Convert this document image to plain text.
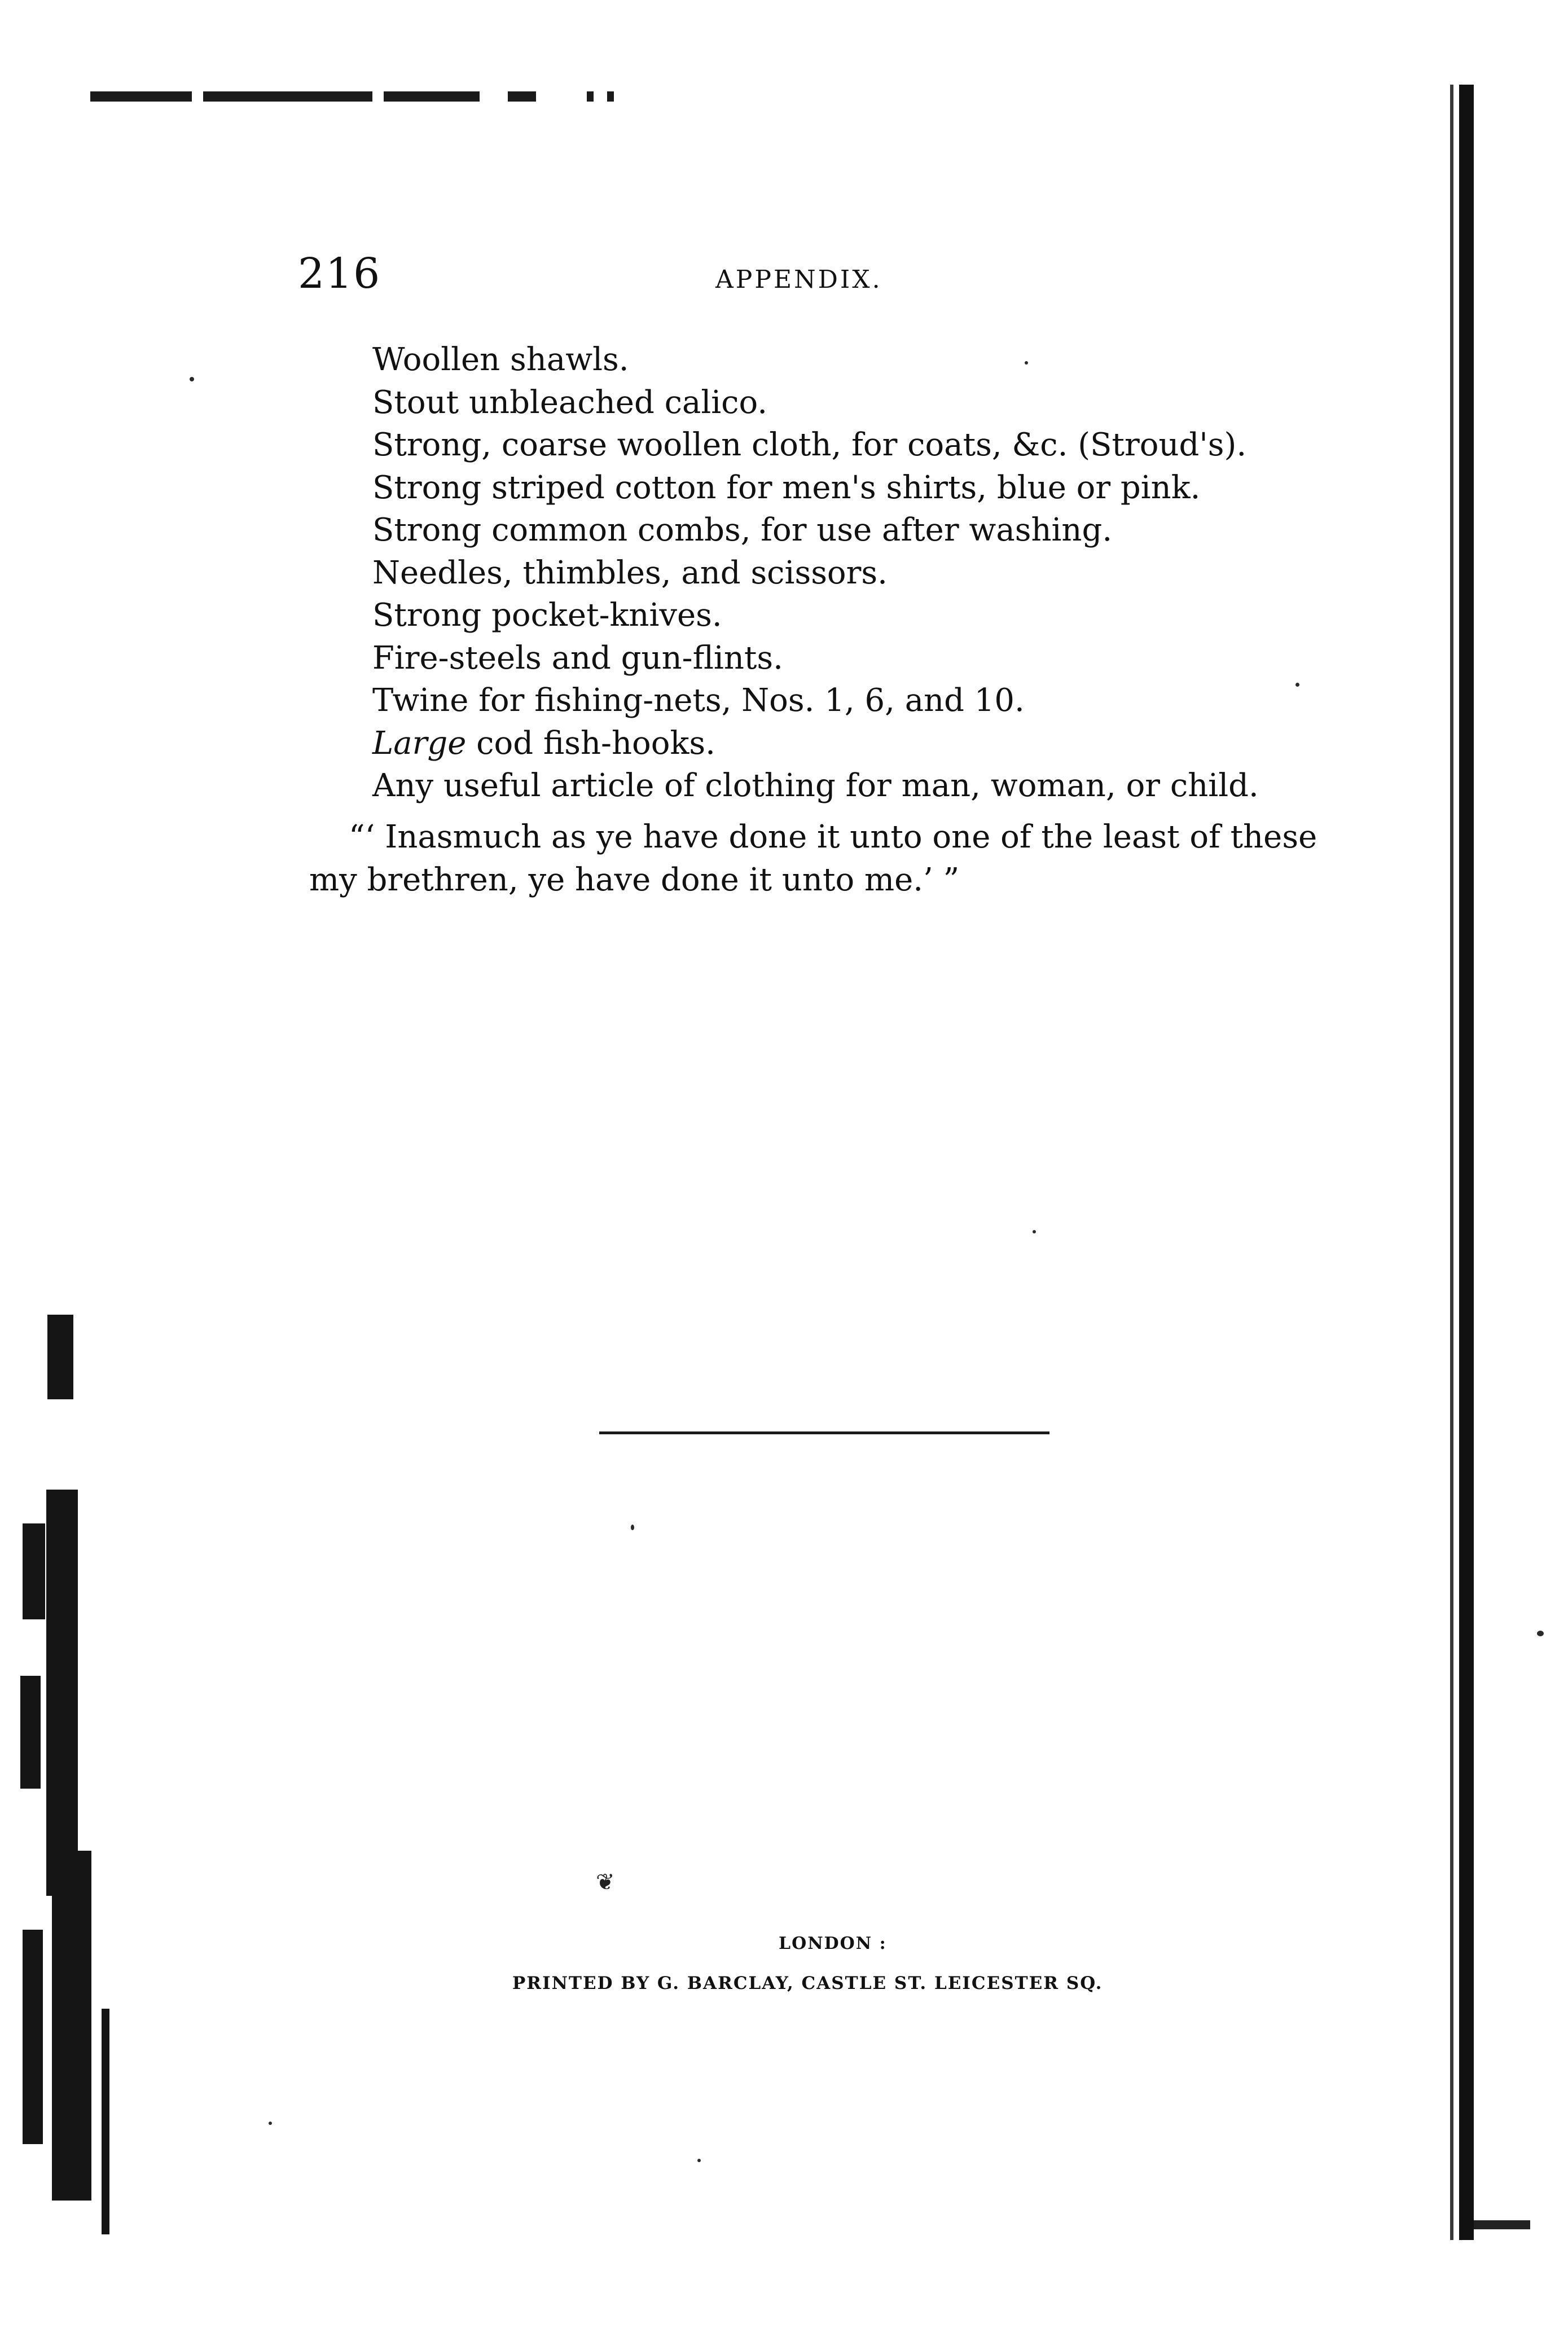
216	APPENDIX.
Woollen shawls.
Stout unbleached calico.
Strong, coarse woollen cloth, for coats, &c. (Stroud's).
Strong striped cotton for men's shirts, blue or pink.
Strong common combs, for use after washing.
Needles, thimbles, and scissors.
Strong pocket-knives.
Fire-steels and gun-flints.
Twine for fishing-nets, Nos. 1, 6, and 10.
Large cod fish-hooks.
Any useful article of clothing for man, woman, or child.

“‘ Inasmuch as ye have done it unto one of the least of these
my brethren, ye have done it unto me.’ ”

❦
LONDON :
PRINTED BY G. BARCLAY, CASTLE ST. LEICESTER SQ.
